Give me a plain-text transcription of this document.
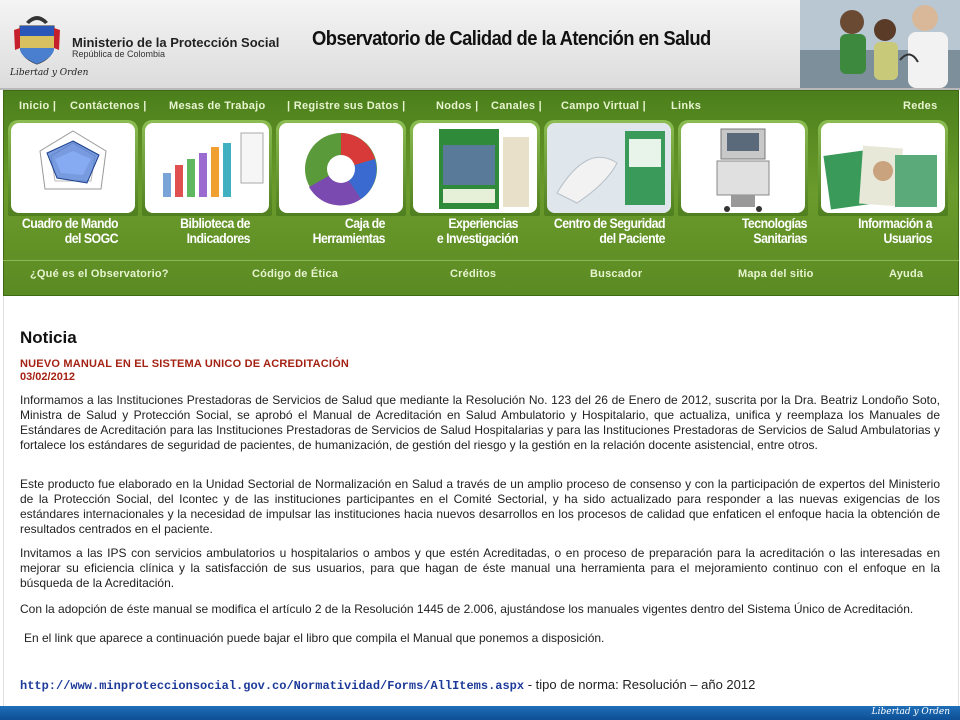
Libertad y Orden
Ministerio de la Protección Social
República de Colombia
Observatorio de Calidad de la Atención en Salud
Inicio | Contáctenos | Mesas de Trabajo | Registre sus Datos |	Nodos | Canales | Campo Virtual | Links	Redes
Cuadro de Mando
del SOGC
Biblioteca de
Indicadores
Caja de
Herramientas
Experiencias
e Investigación
Centro de Seguridad
del Paciente
Tecnologías
Sanitarias
Información a
Usuarios
¿Qué es el Observatorio?	Código de Ética	Créditos	Buscador	Mapa del sitio	Ayuda
Noticia
NUEVO MANUAL EN EL SISTEMA UNICO DE ACREDITACIÓN
03/02/2012
Informamos a las Instituciones Prestadoras de Servicios de Salud que mediante la Resolución No. 123 del 26 de Enero de 2012, suscrita por la Dra. Beatriz Londoño Soto, Ministra de Salud y Protección Social, se aprobó el Manual de Acreditación en Salud Ambulatorio y Hospitalario, que actualiza, unifica y reemplaza los Manuales de Estándares de Acreditación para las Instituciones Prestadoras de Servicios de Salud Hospitalarias y para las Instituciones Prestadoras de Servicios de Salud Ambulatorias y fortalece los estándares de seguridad de pacientes, de humanización, de gestión del riesgo y la gestión en la relación docente asistencial, entre otros.
Este producto fue elaborado en la Unidad Sectorial de Normalización en Salud a través de un amplio proceso de consenso y con la participación de expertos del Ministerio de la Protección Social, del Icontec y de las instituciones participantes en el Comité Sectorial, y ha sido actualizado para responder a las nuevas exigencias de los estándares internacionales y la necesidad de impulsar las instituciones hacia nuevos desarrollos en los procesos de calidad que enfaticen el enfoque hacia la obtención de resultados centrados en el paciente.
Invitamos a las IPS con servicios ambulatorios u hospitalarios o ambos y que estén Acreditadas, o en proceso de preparación para la acreditación o las interesadas en mejorar su eficiencia clínica y la satisfacción de sus usuarios, para que hagan de éste manual una herramienta para el mejoramiento continuo con el enfoque en la búsqueda de la Acreditación.
Con la adopción de éste manual se modifica el artículo 2 de la Resolución 1445 de 2.006, ajustándose los manuales vigentes dentro del Sistema Único de Acreditación.
En el link que aparece a continuación puede bajar el libro que compila el Manual que ponemos a disposición.
http://www.minproteccionsocial.gov.co/Normatividad/Forms/AllItems.aspx - tipo de norma: Resolución – año 2012
Libertad y Orden
